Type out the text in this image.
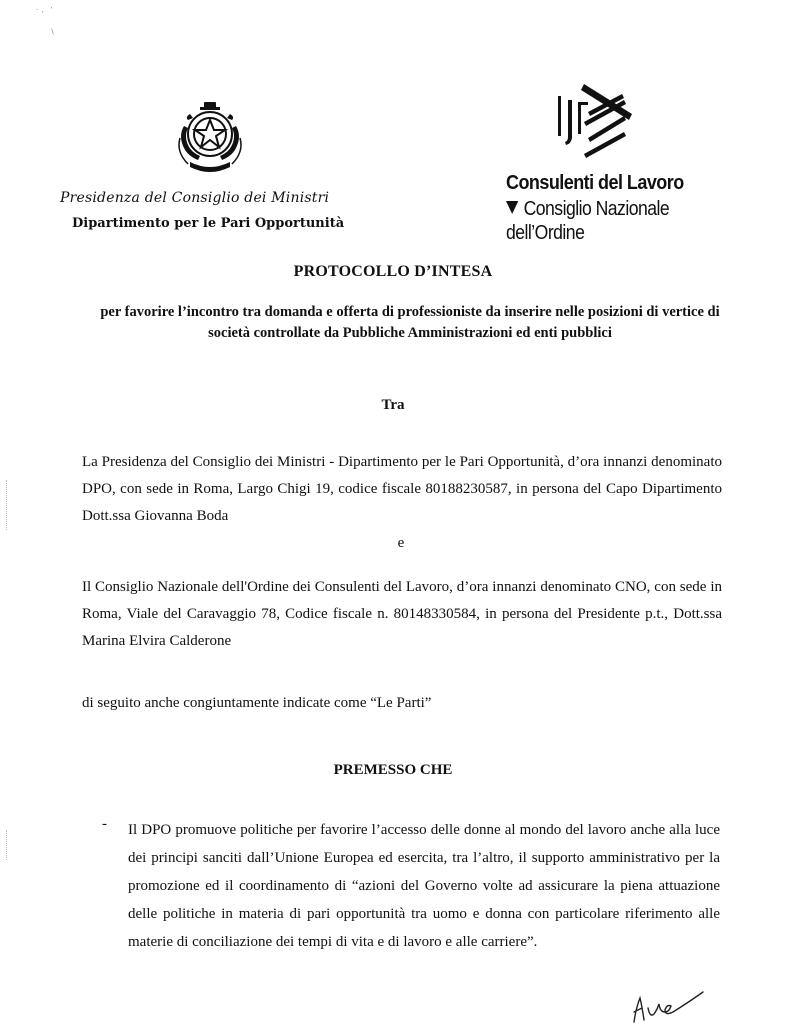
⋅  ,    ′
∖
Presidenza del Consiglio dei Ministri
Dipartimento per le Pari Opportunità
Consulenti del Lavoro
Consiglio Nazionale
dell’Ordine
PROTOCOLLO D’INTESA
per favorire l’incontro tra domanda e offerta di professioniste da inserire nelle posizioni di vertice di società controllate da Pubbliche Amministrazioni ed enti pubblici
Tra
La Presidenza del Consiglio dei Ministri - Dipartimento per le Pari Opportunità, d’ora innanzi denominato DPO, con sede in Roma, Largo Chigi 19, codice fiscale 80188230587, in persona del Capo Dipartimento Dott.ssa Giovanna Boda
e
Il Consiglio Nazionale dell'Ordine dei Consulenti del Lavoro, d’ora innanzi denominato CNO, con sede in Roma, Viale del Caravaggio 78, Codice fiscale n. 80148330584, in persona del Presidente p.t., Dott.ssa Marina Elvira Calderone
di seguito anche congiuntamente indicate come “Le Parti”
PREMESSO CHE
- Il DPO promuove politiche per favorire l’accesso delle donne al mondo del lavoro anche alla luce dei principi sanciti dall’Unione Europea ed esercita, tra l’altro, il supporto amministrativo per la promozione ed il coordinamento di “azioni del Governo volte ad assicurare la piena attuazione delle politiche in materia di pari opportunità tra uomo e donna con particolare riferimento alle materie di conciliazione dei tempi di vita e di lavoro e alle carriere”.
